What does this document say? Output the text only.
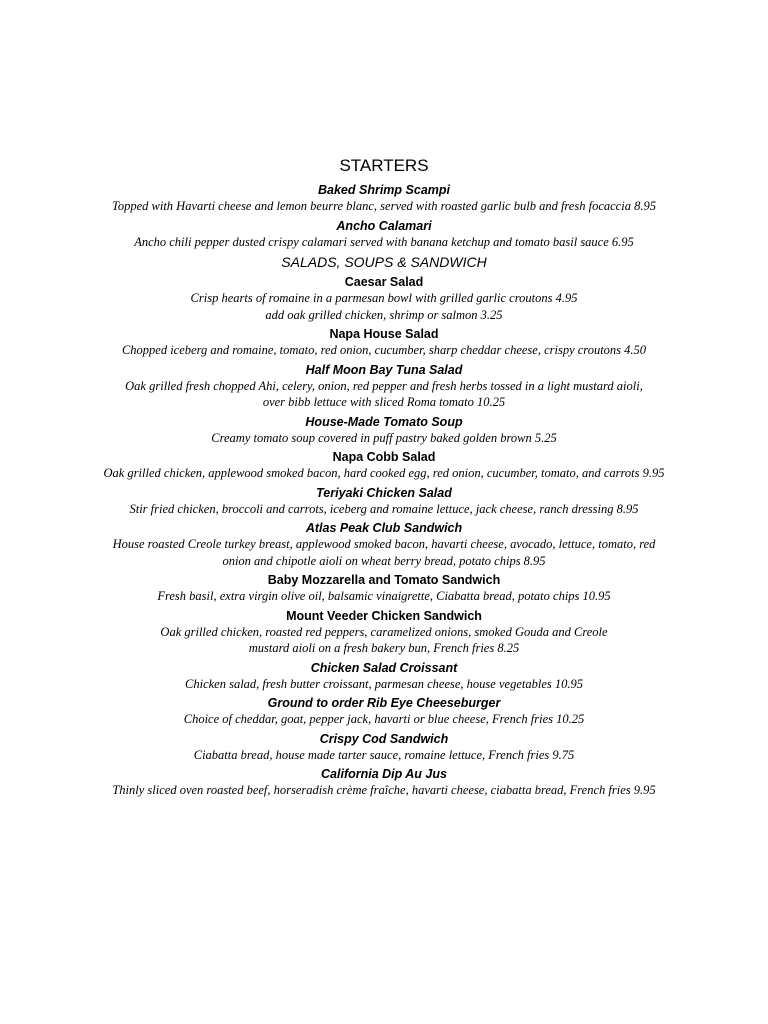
STARTERS

Baked Shrimp Scampi

Topped with Havarti cheese and lemon beurre blanc, served with roasted garlic bulb and fresh focaccia 8.95

Ancho Calamari

Ancho chili pepper dusted crispy calamari served with banana ketchup and tomato basil sauce 6.95

SALADS, SOUPS & SANDWICH

Caesar Salad

Crisp hearts of romaine in a parmesan bowl with grilled garlic croutons 4.95
add oak grilled chicken, shrimp or salmon 3.25

Napa House Salad

Chopped iceberg and romaine, tomato, red onion, cucumber, sharp cheddar cheese, crispy croutons 4.50

Half Moon Bay Tuna Salad

Oak grilled fresh chopped Ahi, celery, onion, red pepper and fresh herbs tossed in a light mustard aioli,
over bibb lettuce with sliced Roma tomato 10.25

House-Made Tomato Soup

Creamy tomato soup covered in puff pastry baked golden brown 5.25

Napa Cobb Salad

Oak grilled chicken, applewood smoked bacon, hard cooked egg, red onion, cucumber, tomato, and carrots 9.95

Teriyaki Chicken Salad

Stir fried chicken, broccoli and carrots, iceberg and romaine lettuce, jack cheese, ranch dressing 8.95

Atlas Peak Club Sandwich

House roasted Creole turkey breast, applewood smoked bacon, havarti cheese, avocado, lettuce, tomato, red
onion and chipotle aioli on wheat berry bread, potato chips 8.95

Baby Mozzarella and Tomato Sandwich

Fresh basil, extra virgin olive oil, balsamic vinaigrette, Ciabatta bread, potato chips 10.95

Mount Veeder Chicken Sandwich

Oak grilled chicken, roasted red peppers, caramelized onions, smoked Gouda and Creole
mustard aioli on a fresh bakery bun, French fries 8.25

Chicken Salad Croissant

Chicken salad, fresh butter croissant, parmesan cheese, house vegetables 10.95

Ground to order Rib Eye Cheeseburger

Choice of cheddar, goat, pepper jack, havarti or blue cheese, French fries 10.25

Crispy Cod Sandwich

Ciabatta bread, house made tarter sauce, romaine lettuce, French fries 9.75

California Dip Au Jus

Thinly sliced oven roasted beef, horseradish crème fraîche, havarti cheese, ciabatta bread, French fries 9.95
